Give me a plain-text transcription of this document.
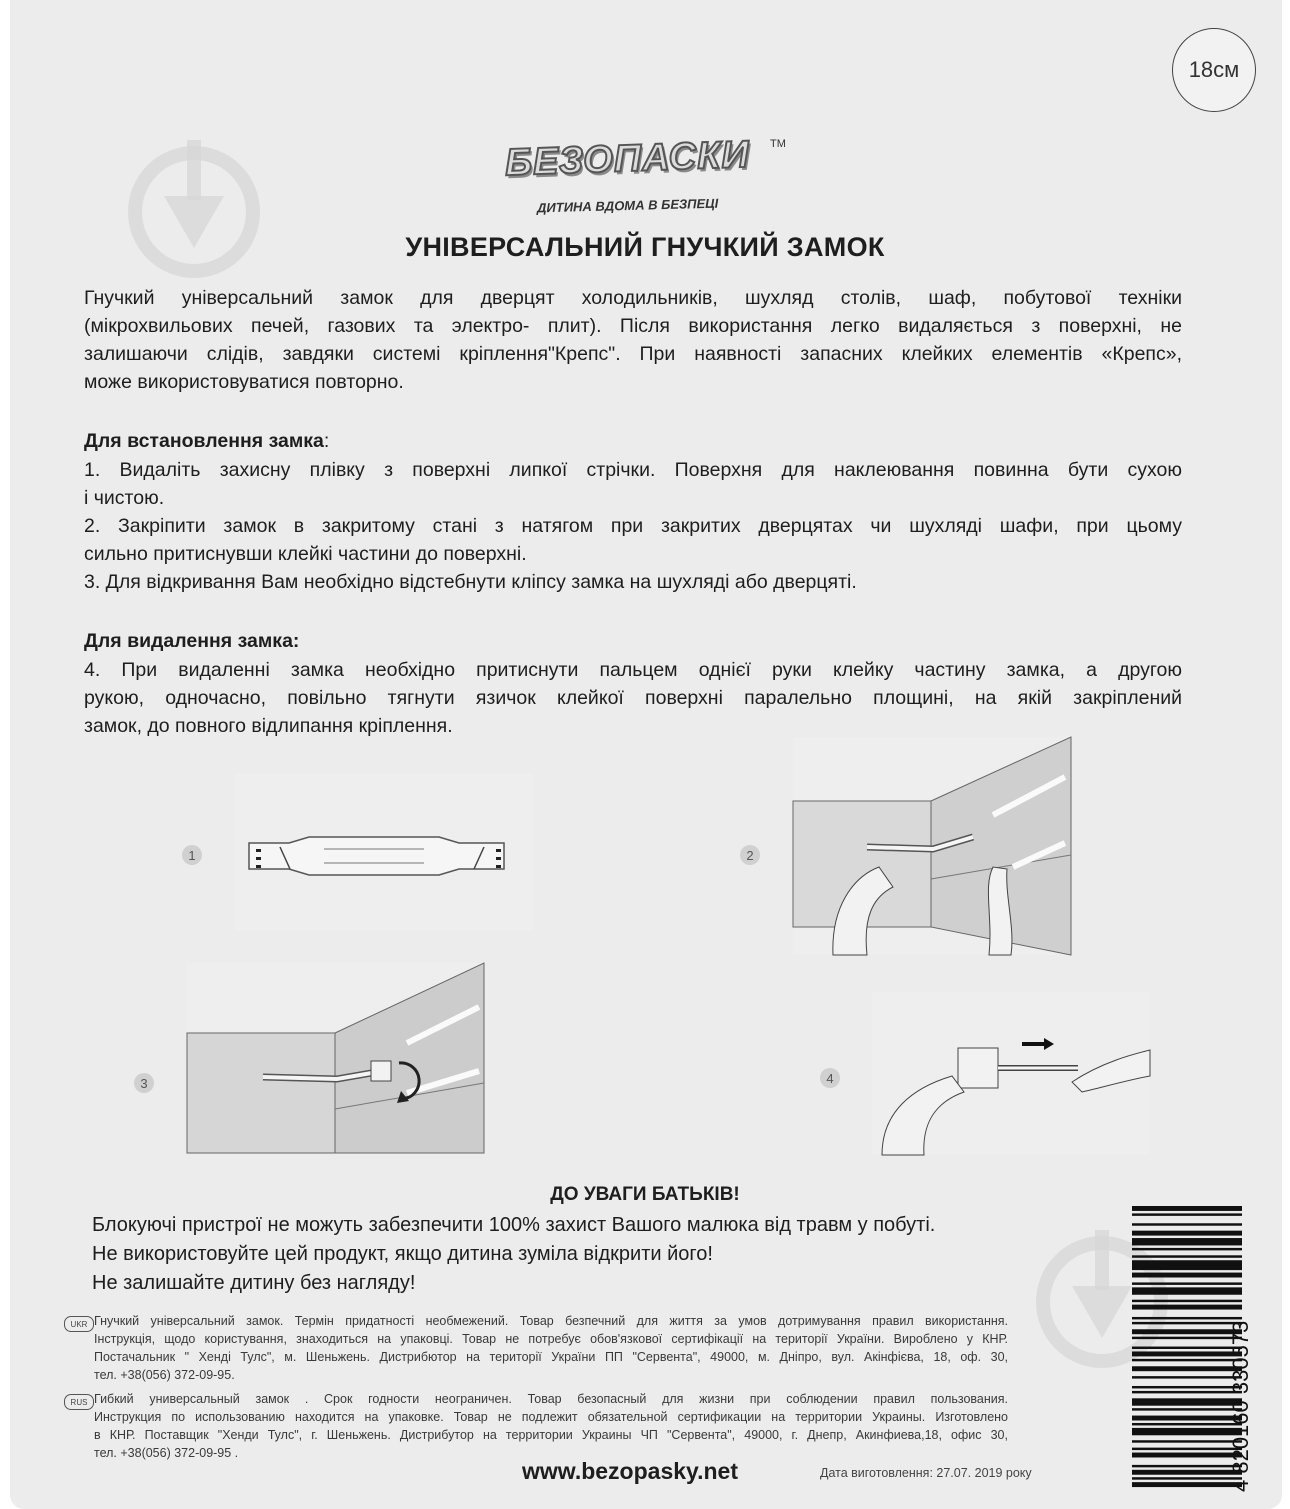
18см
БЕЗОПАСКИ TM
ДИТИНА ВДОМА В БЕЗПЕЦІ
УНІВЕРСАЛЬНИЙ ГНУЧКИЙ ЗАМОК
Гнучкий універсальний замок для дверцят холодильників, шухляд столів, шаф, побутової техніки
(мікрохвильових печей, газових та электро- плит). Після використання легко видаляється з поверхні, не
залишаючи слідів, завдяки системі кріплення"Крепс". При наявності запасних клейких елементів «Крепс»,
може використовуватися повторно.
Для встановлення замка:
1. Видаліть захисну плівку з поверхні липкої стрічки. Поверхня для наклеювання повинна бути сухою
і чистою.
2. Закріпити замок в закритому стані з натягом при закритих дверцятах чи шухляді шафи, при цьому
сильно притиснувши клейкі частини до поверхні.
3. Для відкривання Вам необхідно відстебнути кліпсу замка на шухляді або дверцяті.
Для видалення замка:
4. При видаленні замка необхідно притиснути пальцем однієї руки клейку частину замка, а другою
рукою, одночасно, повільно тягнути язичок клейкої поверхні паралельно площині, на якій закріплений
замок, до повного відлипання кріплення.
1	2
3	4
ДО УВАГИ БАТЬКІВ!
Блокуючі пристрої не можуть забезпечити 100% захист Вашого малюка від травм у побуті.
Не використовуйте цей продукт, якщо дитина зуміла відкрити його!
Не залишайте дитину без нагляду!
UKR Гнучкий універсальний замок. Термін придатності необмежений. Товар безпечний для життя за умов дотримування правил використання.
Інструкція, щодо користування, знаходиться на упаковці. Товар не потребує обов'язкової сертифікації на території України. Вироблено у КНР.
Постачальник " Хенді Тулс", м. Шеньжень. Дистрибютор на території України ПП "Сервента", 49000, м. Дніпро, вул. Акінфієва, 18, оф. 30,
тел. +38(056) 372-09-95.
RUS Гибкий универсальный замок . Срок годности неограничен. Товар безопасный для жизни при соблюдении правил пользования.
Инструкция по использованию находится на упаковке. Товар не подлежит обязательной сертификации на территории Украины. Изготовлено
в КНР. Поставщик "Хенди Тулс", г. Шеньжень. Дистрибутор на территории Украины ЧП "Сервента", 49000, г. Днепр, Акинфиева,18, офис 30,
тел. +38(056) 372-09-95 .
www.bezopasky.net	Дата виготовлення: 27.07. 2019 року	4 820160 330573
